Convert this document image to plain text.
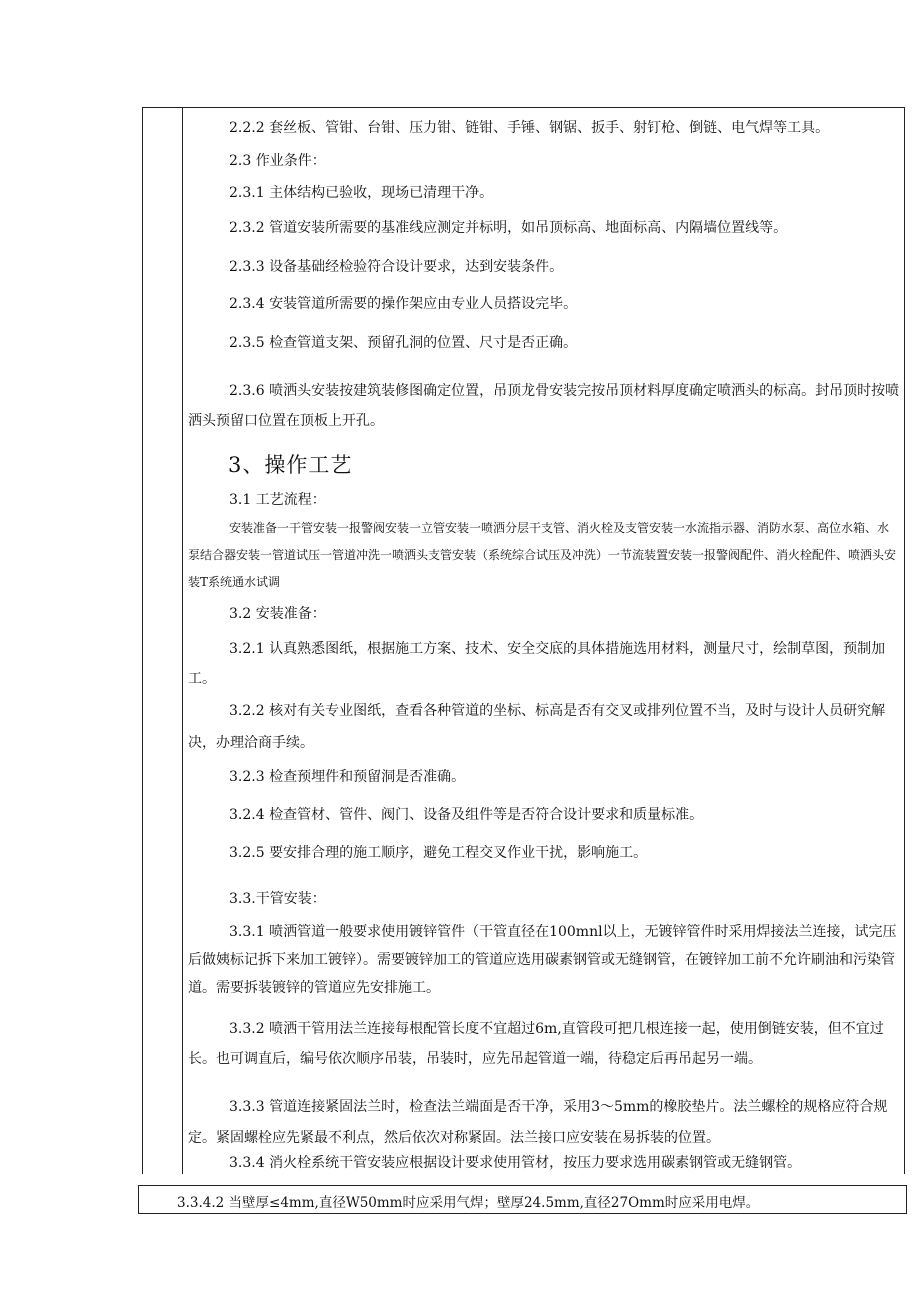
2.2.2 套丝板、管钳、台钳、压力钳、链钳、手锤、钢锯、扳手、射钉枪、倒链、电气焊等工具。
2.3 作业条件：
2.3.1 主体结构已验收，现场已清理干净。
2.3.2 管道安装所需要的基准线应测定并标明，如吊顶标高、地面标高、内隔墙位置线等。
2.3.3 设备基础经检验符合设计要求，达到安装条件。
2.3.4 安装管道所需要的操作架应由专业人员搭设完毕。
2.3.5 检查管道支架、预留孔洞的位置、尺寸是否正确。
2.3.6 喷洒头安装按建筑装修图确定位置，吊顶龙骨安装完按吊顶材料厚度确定喷洒头的标高。封吊顶时按喷洒头预留口位置在顶板上开孔。
3、操作工艺
3.1 工艺流程：
安装准备一干管安装一报警阀安装一立管安装一喷洒分层干支管、消火栓及支管安装一水流指示器、消防水泵、高位水箱、水泵结合器安装一管道试压一管道冲洗一喷洒头支管安装（系统综合试压及冲洗）一节流装置安装一报警阀配件、消火栓配件、喷洒头安装T系统通水试调
3.2 安装准备：
3.2.1 认真熟悉图纸，根据施工方案、技术、安全交底的具体措施选用材料，测量尺寸，绘制草图，预制加工。
3.2.2 核对有关专业图纸，查看各种管道的坐标、标高是否有交叉或排列位置不当，及时与设计人员研究解决，办理洽商手续。
3.2.3 检查预埋件和预留洞是否准确。
3.2.4 检查管材、管件、阀门、设备及组件等是否符合设计要求和质量标准。
3.2.5 要安排合理的施工顺序，避免工程交叉作业干扰，影响施工。
3.3.干管安装：
3.3.1 喷洒管道一般要求使用镀锌管件（干管直径在100mnl以上，无镀锌管件时采用焊接法兰连接，试完压后做姨标记拆下来加工镀锌）。需要镀锌加工的管道应选用碳素钢管或无缝钢管，在镀锌加工前不允许刷油和污染管道。需要拆装镀锌的管道应先安排施工。
3.3.2 喷洒干管用法兰连接每根配管长度不宜超过6m,直管段可把几根连接一起，使用倒链安装，但不宜过长。也可调直后，编号依次顺序吊装，吊装时，应先吊起管道一端，待稳定后再吊起另一端。
3.3.3 管道连接紧固法兰时，检查法兰端面是否干净，采用3～5mm的橡胶垫片。法兰螺栓的规格应符合规定。紧固螺栓应先紧最不利点，然后依次对称紧固。法兰接口应安装在易拆装的位置。
3.3.4 消火栓系统干管安装应根据设计要求使用管材，按压力要求选用碳素钢管或无缝钢管。
3.3.4.2 当壁厚≤4mm,直径W50mm时应采用气焊；壁厚24.5mm,直径27Omm时应采用电焊。
